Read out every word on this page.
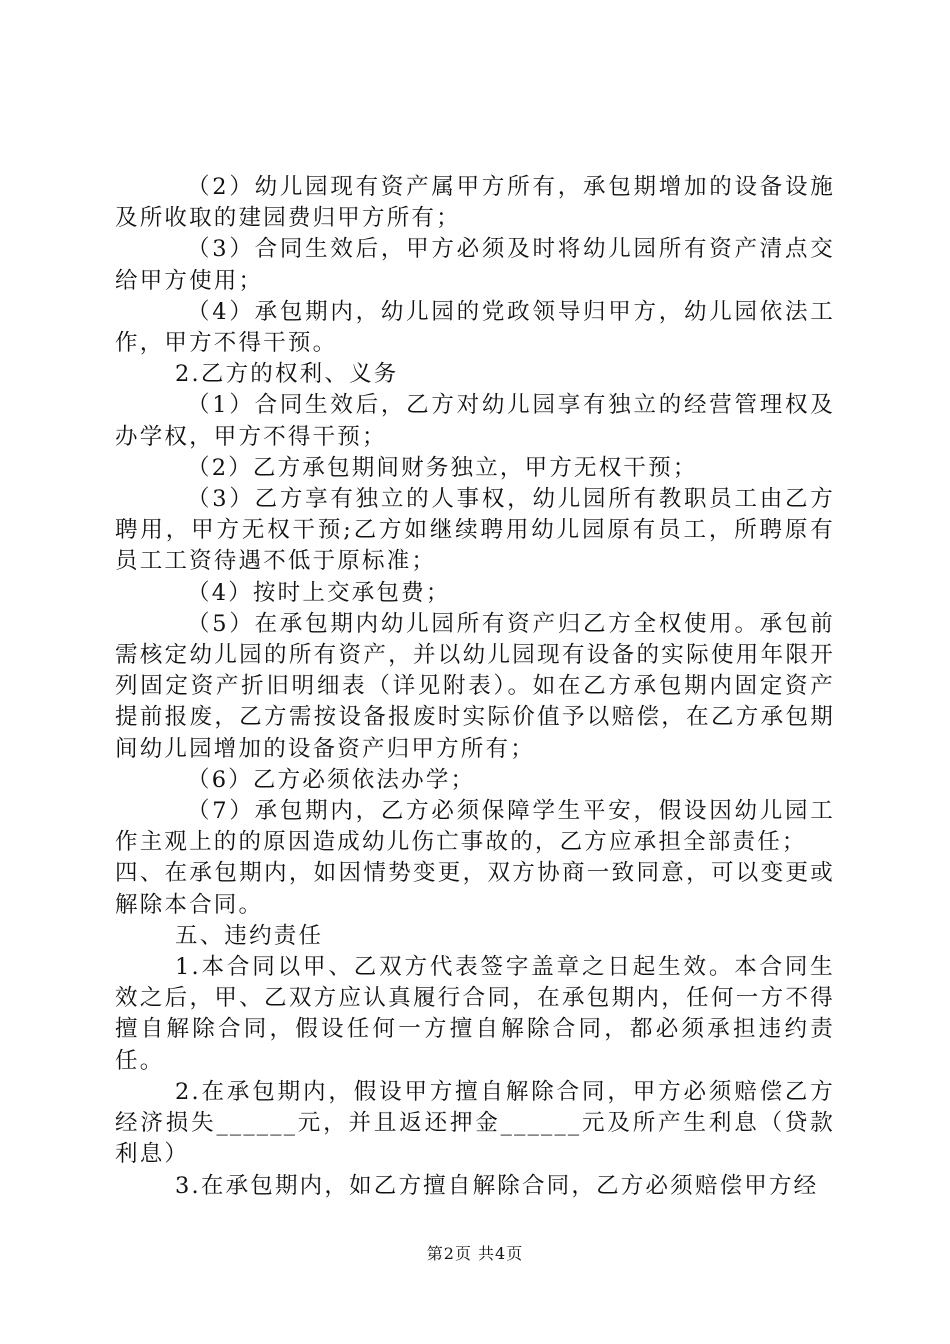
（2）幼儿园现有资产属甲方所有，承包期增加的设备设施及所收取的建园费归甲方所有；

（3）合同生效后，甲方必须及时将幼儿园所有资产清点交给甲方使用；

（4）承包期内，幼儿园的党政领导归甲方，幼儿园依法工作，甲方不得干预。

2.乙方的权利、义务

（1）合同生效后，乙方对幼儿园享有独立的经营管理权及办学权，甲方不得干预；

（2）乙方承包期间财务独立，甲方无权干预；

（3）乙方享有独立的人事权，幼儿园所有教职员工由乙方聘用，甲方无权干预;乙方如继续聘用幼儿园原有员工，所聘原有员工工资待遇不低于原标准；

（4）按时上交承包费；

（5）在承包期内幼儿园所有资产归乙方全权使用。承包前需核定幼儿园的所有资产，并以幼儿园现有设备的实际使用年限开列固定资产折旧明细表（详见附表）。如在乙方承包期内固定资产提前报废，乙方需按设备报废时实际价值予以赔偿，在乙方承包期间幼儿园增加的设备资产归甲方所有；

（6）乙方必须依法办学；

（7）承包期内，乙方必须保障学生平安，假设因幼儿园工作主观上的的原因造成幼儿伤亡事故的，乙方应承担全部责任；

四、在承包期内，如因情势变更，双方协商一致同意，可以变更或解除本合同。

五、违约责任

1.本合同以甲、乙双方代表签字盖章之日起生效。本合同生效之后，甲、乙双方应认真履行合同，在承包期内，任何一方不得擅自解除合同，假设任何一方擅自解除合同，都必须承担违约责任。

2.在承包期内，假设甲方擅自解除合同，甲方必须赔偿乙方经济损失______元，并且返还押金______元及所产生利息（贷款利息）

3.在承包期内，如乙方擅自解除合同，乙方必须赔偿甲方经

第2页 共4页
